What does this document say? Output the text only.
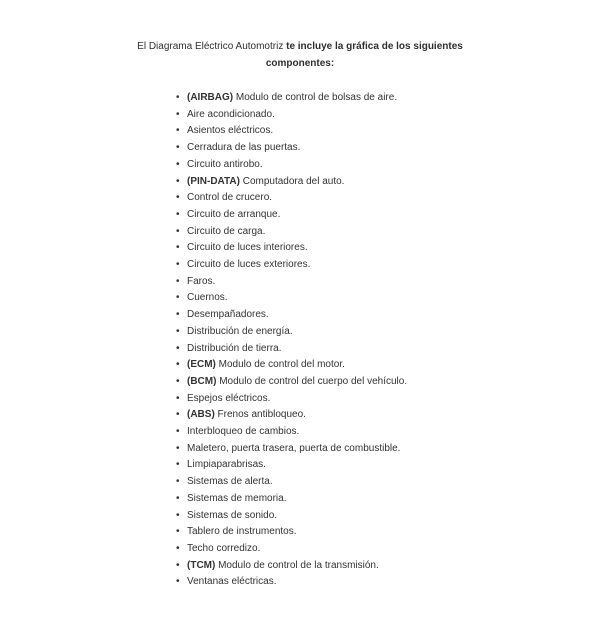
El Diagrama Eléctrico Automotriz te incluye la gráfica de los siguientes
componentes:
• (AIRBAG) Modulo de control de bolsas de aire.
• Aire acondicionado.
• Asientos eléctricos.
• Cerradura de las puertas.
• Circuito antirobo.
• (PIN-DATA) Computadora del auto.
• Control de crucero.
• Circuito de arranque.
• Circuito de carga.
• Circuito de luces interiores.
• Circuito de luces exteriores.
• Faros.
• Cuernos.
• Desempañadores.
• Distribución de energía.
• Distribución de tierra.
• (ECM) Modulo de control del motor.
• (BCM) Modulo de control del cuerpo del vehículo.
• Espejos eléctricos.
• (ABS) Frenos antibloqueo.
• Interbloqueo de cambios.
• Maletero, puerta trasera, puerta de combustible.
• Limpiaparabrisas.
• Sistemas de alerta.
• Sistemas de memoria.
• Sistemas de sonido.
• Tablero de instrumentos.
• Techo corredizo.
• (TCM) Modulo de control de la transmisión.
• Ventanas eléctricas.
